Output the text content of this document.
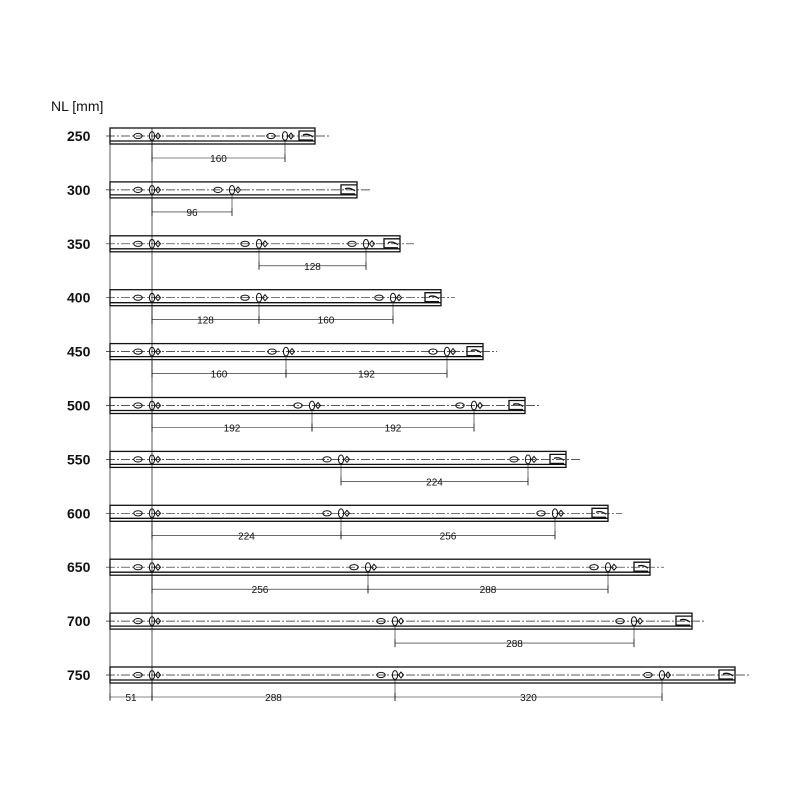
NL [mm]
250
160
300
96
350
128
400
128	160
450
160	192
500
192	192
550
224
600
224	256
650
256	288
700
288
750
288	320
51
